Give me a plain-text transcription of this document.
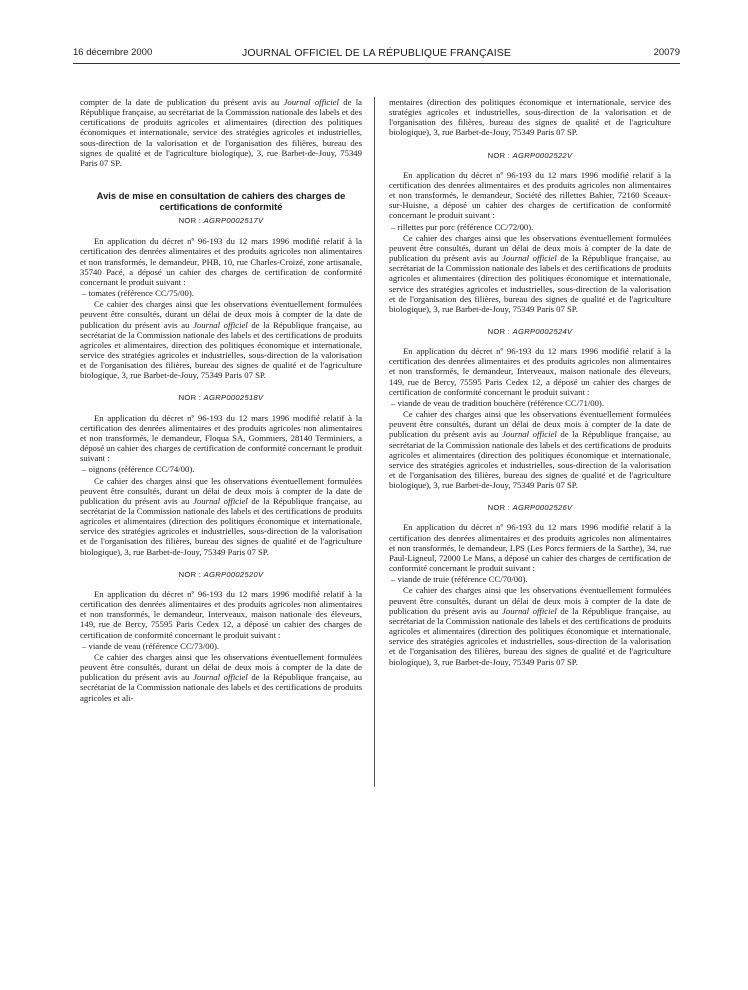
16 décembre 2000	JOURNAL OFFICIEL DE LA RÉPUBLIQUE FRANÇAISE	20079

compter de la date de publication du présent avis au Journal officiel de la République française, au secrétariat de la Commission nationale des labels et des certifications de produits agricoles et alimentaires (direction des politiques économiques et internationale, service des stratégies agricoles et industrielles, sous-direction de la valorisation et de l'organisation des filières, bureau des signes de qualité et de l'agriculture biologique), 3, rue Barbet-de-Jouy, 75349 Paris 07 SP.

Avis de mise en consultation de cahiers des charges de certifications de conformité
NOR : AGRP0002517V

En application du décret nº 96-193 du 12 mars 1996 modifié relatif à la certification des denrées alimentaires et des produits agricoles non alimentaires et non transformés, le demandeur, PHB, 10, rue Charles-Croizé, zone artisanale, 35740 Pacé, a déposé un cahier des charges de certification de conformité concernant le produit suivant :

– tomates (référence CC/75/00).

Ce cahier des charges ainsi que les observations éventuellement formulées peuvent être consultés, durant un délai de deux mois à compter de la date de publication du présent avis au Journal officiel de la République française, au secrétariat de la Commission nationale des labels et des certifications de produits agricoles et alimentaires, direction des politiques économique et internationale, service des stratégies agricoles et industrielles, sous-direction de la valorisation et de l'organisation des filières, bureau des signes de qualité et de l'agriculture biologique, 3, rue Barbet-de-Jouy, 75349 Paris 07 SP.

NOR : AGRP0002518V

En application du décret nº 96-193 du 12 mars 1996 modifié relatif à la certification des denrées alimentaires et des produits agricoles non alimentaires et non transformés, le demandeur, Floqua SA, Gommiers, 28140 Terminiers, a déposé un cahier des charges de certification de conformité concernant le produit suivant :

– oignons (référence CC/74/00).

Ce cahier des charges ainsi que les observations éventuellement formulées peuvent être consultés, durant un délai de deux mois à compter de la date de publication du présent avis au Journal officiel de la République française, au secrétariat de la Commission nationale des labels et des certifications de produits agricoles et alimentaires (direction des politiques économique et internationale, service des stratégies agricoles et industrielles, sous-direction de la valorisation et de l'organisation des filières, bureau des signes de qualité et de l'agriculture biologique), 3, rue Barbet-de-Jouy, 75349 Paris 07 SP.

NOR : AGRP0002520V

En application du décret nº 96-193 du 12 mars 1996 modifié relatif à la certification des denrées alimentaires et des produits agricoles non alimentaires et non transformés, le demandeur, Interveaux, maison nationale des éleveurs, 149, rue de Bercy, 75595 Paris Cedex 12, a déposé un cahier des charges de certification de conformité concernant le produit suivant :

– viande de veau (référence CC/73/00).

Ce cahier des charges ainsi que les observations éventuellement formulées peuvent être consultés, durant un délai de deux mois à compter de la date de publication du présent avis au Journal officiel de la République française, au secrétariat de la Commission nationale des labels et des certifications de produits agricoles et ali-

mentaires (direction des politiques économique et internationale, service des stratégies agricoles et industrielles, sous-direction de la valorisation et de l'organisation des filières, bureau des signes de qualité et de l'agriculture biologique), 3, rue Barbet-de-Jouy, 75349 Paris 07 SP.

NOR : AGRP0002522V

En application du décret nº 96-193 du 12 mars 1996 modifié relatif à la certification des denrées alimentaires et des produits agricoles non alimentaires et non transformés, le demandeur, Société des rillettes Bahier, 72160 Sceaux-sur-Huisne, a déposé un cahier des charges de certification de conformité concernant le produit suivant :

– rillettes pur porc (référence CC/72/00).

Ce cahier des charges ainsi que les observations éventuellement formulées peuvent être consultés, durant un délai de deux mois à compter de la date de publication du présent avis au Journal officiel de la République française, au secrétariat de la Commission nationale des labels et des certifications de produits agricoles et alimentaires (direction des politiques économique et internationale, service des stratégies agricoles et industrielles, sous-direction de la valorisation et de l'organisation des filières, bureau des signes de qualité et de l'agriculture biologique), 3, rue Barbet-de-Jouy, 75349 Paris 07 SP.

NOR : AGRP0002524V

En application du décret nº 96-193 du 12 mars 1996 modifié relatif à la certification des denrées alimentaires et des produits agricoles non alimentaires et non transformés, le demandeur, Interveaux, maison nationale des éleveurs, 149, rue de Bercy, 75595 Paris Cedex 12, a déposé un cahier des charges de certification de conformité concernant le produit suivant :

– viande de veau de tradition bouchère (référence CC/71/00).

Ce cahier des charges ainsi que les observations éventuellement formulées peuvent être consultés, durant un délai de deux mois à compter de la date de publication du présent avis au Journal officiel de la République française, au secrétariat de la Commission nationale des labels et des certifications de produits agricoles et alimentaires (direction des politiques économique et internationale, service des stratégies agricoles et industrielles, sous-direction de la valorisation et de l'organisation des filières, bureau des signes de qualité et de l'agriculture biologique), 3, rue Barbet-de-Jouy, 75349 Paris 07 SP.

NOR : AGRP0002526V

En application du décret nº 96-193 du 12 mars 1996 modifié relatif à la certification des denrées alimentaires et des produits agricoles non alimentaires et non transformés, le demandeur, LPS (Les Porcs fermiers de la Sarthe), 34, rue Paul-Ligneul, 72000 Le Mans, a déposé un cahier des charges de certification de conformité concernant le produit suivant :

– viande de truie (référence CC/70/00).

Ce cahier des charges ainsi que les observations éventuellement formulées peuvent être consultés, durant un délai de deux mois à compter de la date de publication du présent avis au Journal officiel de la République française, au secrétariat de la Commission nationale des labels et des certifications de produits agricoles et alimentaires (direction des politiques économique et internationale, service des stratégies agricoles et industrielles, sous-direction de la valorisation et de l'organisation des filières, bureau des signes de qualité et de l'agriculture biologique), 3, rue Barbet-de-Jouy, 75349 Paris 07 SP.
